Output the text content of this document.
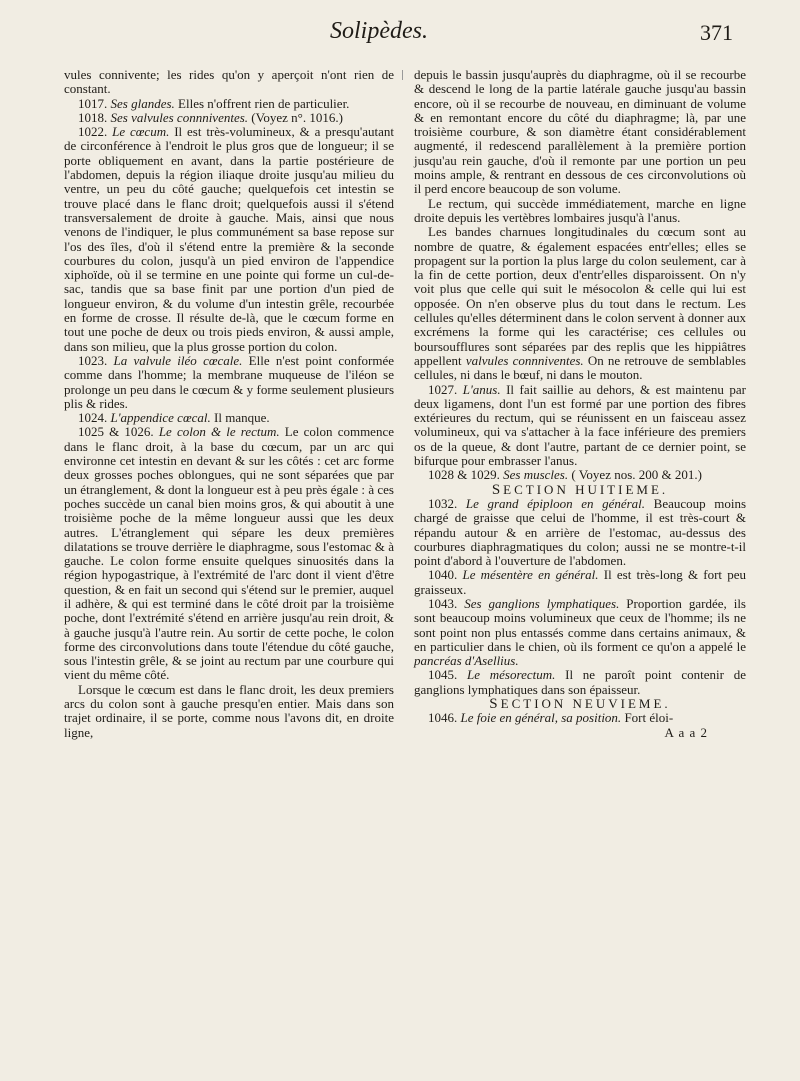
Solipèdes.	371

vules connivente; les rides qu'on y aperçoit n'ont rien de constant.

1017. Ses glandes. Elles n'offrent rien de particulier.

1018. Ses valvules connniventes. (Voyez n°. 1016.)

1022. Le cœcum. Il est très-volumineux, & a presqu'autant de circonférence à l'endroit le plus gros que de longueur; il se porte obliquement en avant, dans la partie postérieure de l'abdomen, depuis la région iliaque droite jusqu'au milieu du ventre, un peu du côté gauche; quelquefois cet intestin se trouve placé dans le flanc droit; quelquefois aussi il s'étend transversalement de droite à gauche. Mais, ainsi que nous venons de l'indiquer, le plus communément sa base repose sur l'os des îles, d'où il s'étend entre la première & la seconde courbures du colon, jusqu'à un pied environ de l'appendice xiphoïde, où il se termine en une pointe qui forme un cul-de-sac, tandis que sa base finit par une portion d'un pied de longueur environ, & du volume d'un intestin grêle, recourbée en forme de crosse. Il résulte de-là, que le cœcum forme en tout une poche de deux ou trois pieds environ, & aussi ample, dans son milieu, que la plus grosse portion du colon.

1023. La valvule iléo cœcale. Elle n'est point conformée comme dans l'homme; la membrane muqueuse de l'iléon se prolonge un peu dans le cœcum & y forme seulement plusieurs plis & rides.

1024. L'appendice cœcal. Il manque.

1025 & 1026. Le colon & le rectum. Le colon commence dans le flanc droit, à la base du cœcum, par un arc qui environne cet intestin en devant & sur les côtés : cet arc forme deux grosses poches oblongues, qui ne sont séparées que par un étranglement, & dont la longueur est à peu près égale : à ces poches succède un canal bien moins gros, & qui aboutit à une troisième poche de la même longueur aussi que les deux autres. L'étranglement qui sépare les deux premières dilatations se trouve derrière le diaphragme, sous l'estomac & à gauche. Le colon forme ensuite quelques sinuosités dans la région hypogastrique, à l'extrémité de l'arc dont il vient d'être question, & en fait un second qui s'étend sur le premier, auquel il adhère, & qui est terminé dans le côté droit par la troisième poche, dont l'extrémité s'étend en arrière jusqu'au rein droit, & à gauche jusqu'à l'autre rein. Au sortir de cette poche, le colon forme des circonvolutions dans toute l'étendue du côté gauche, sous l'intestin grêle, & se joint au rectum par une courbure qui vient du même côté.

Lorsque le cœcum est dans le flanc droit, les deux premiers arcs du colon sont à gauche presqu'en entier. Mais dans son trajet ordinaire, il se porte, comme nous l'avons dit, en droite ligne,

depuis le bassin jusqu'auprès du diaphragme, où il se recourbe & descend le long de la partie latérale gauche jusqu'au bassin encore, où il se recourbe de nouveau, en diminuant de volume & en remontant encore du côté du diaphragme; là, par une troisième courbure, & son diamètre étant considérablement augmenté, il redescend parallèlement à la première portion jusqu'au rein gauche, d'où il remonte par une portion un peu moins ample, & rentrant en dessous de ces circonvolutions où il perd encore beaucoup de son volume.

Le rectum, qui succède immédiatement, marche en ligne droite depuis les vertèbres lombaires jusqu'à l'anus.

Les bandes charnues longitudinales du cœcum sont au nombre de quatre, & également espacées entr'elles; elles se propagent sur la portion la plus large du colon seulement, car à la fin de cette portion, deux d'entr'elles disparoissent. On n'y voit plus que celle qui suit le mésocolon & celle qui lui est opposée. On n'en observe plus du tout dans le rectum. Les cellules qu'elles déterminent dans le colon servent à donner aux excrémens la forme qui les caractérise; ces cellules ou boursoufflures sont séparées par des replis que les hippiâtres appellent valvules connniventes. On ne retrouve de semblables cellules, ni dans le bœuf, ni dans le mouton.

1027. L'anus. Il fait saillie au dehors, & est maintenu par deux ligamens, dont l'un est formé par une portion des fibres extérieures du rectum, qui se réunissent en un faisceau assez volumineux, qui va s'attacher à la face inférieure des premiers os de la queue, & dont l'autre, partant de ce dernier point, se bifurque pour embrasser l'anus.

1028 & 1029. Ses muscles. ( Voyez nos. 200 & 201.)

SECTION HUITIEME.

1032. Le grand épiploon en général. Beaucoup moins chargé de graisse que celui de l'homme, il est très-court & répandu autour & en arrière de l'estomac, au-dessus des courbures diaphragmatiques du colon; aussi ne se montre-t-il point d'abord à l'ouverture de l'abdomen.

1040. Le mésentère en général. Il est très-long & fort peu graisseux.

1043. Ses ganglions lymphatiques. Proportion gardée, ils sont beaucoup moins volumineux que ceux de l'homme; ils ne sont point non plus entassés comme dans certains animaux, & en particulier dans le chien, où ils forment ce qu'on a appelé le pancréas d'Asellius.

1045. Le mésorectum. Il ne paroît point contenir de ganglions lymphatiques dans son épaisseur.

SECTION NEUVIEME.

1046. Le foie en général, sa position. Fort éloi-

A a a 2
